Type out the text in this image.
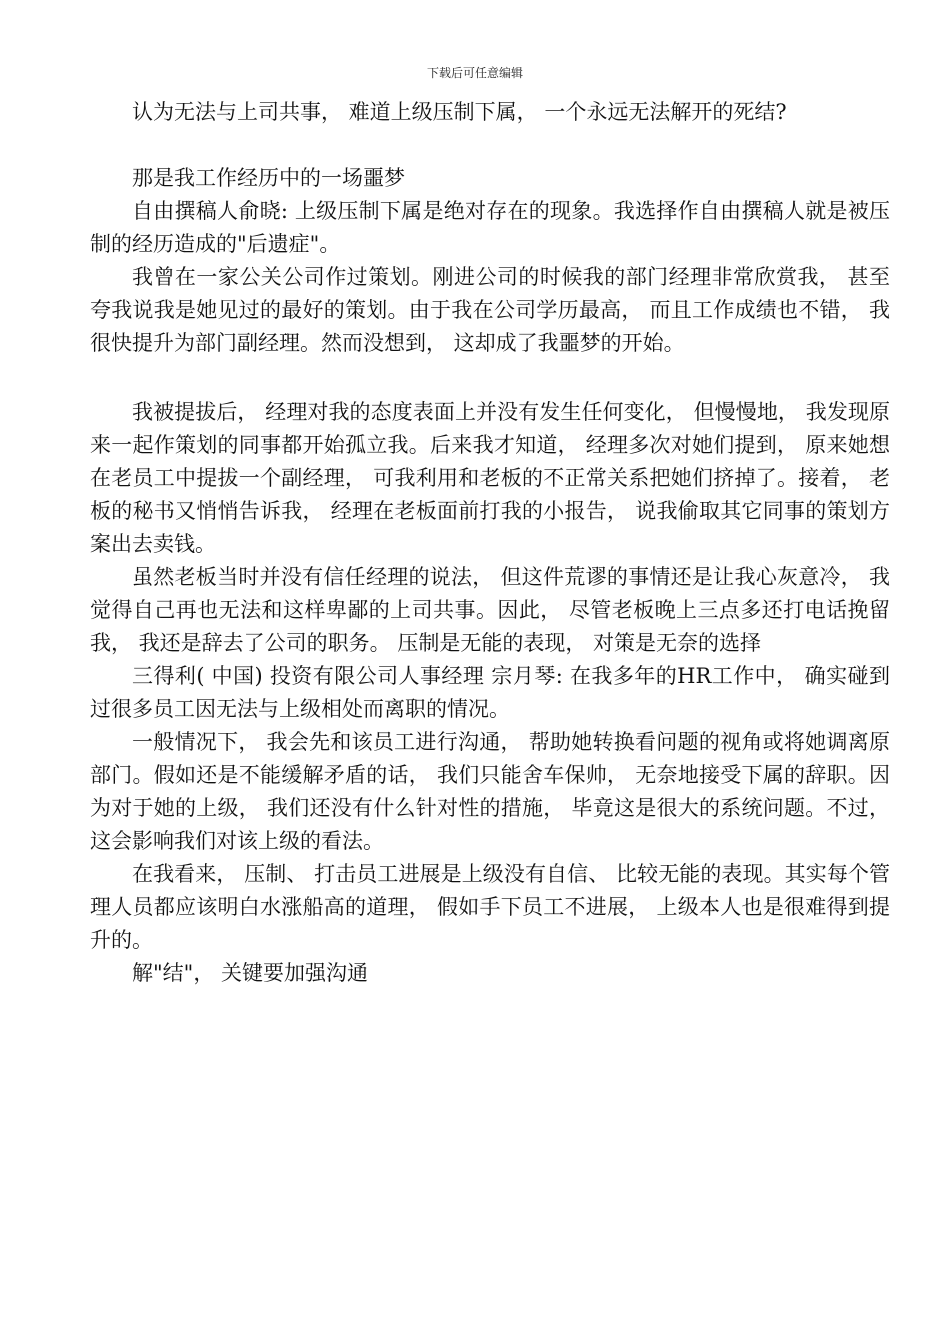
下载后可任意编辑

认为无法与上司共事， 难道上级压制下属， 一个永远无法解开的死结?

那是我工作经历中的一场噩梦

自由撰稿人俞晓: 上级压制下属是绝对存在的现象。我选择作自由撰稿人就是被压制的经历造成的"后遗症"。

我曾在一家公关公司作过策划。刚进公司的时候我的部门经理非常欣赏我， 甚至夸我说我是她见过的最好的策划。由于我在公司学历最高， 而且工作成绩也不错， 我很快提升为部门副经理。然而没想到， 这却成了我噩梦的开始。

我被提拔后， 经理对我的态度表面上并没有发生任何变化， 但慢慢地， 我发现原来一起作策划的同事都开始孤立我。后来我才知道， 经理多次对她们提到， 原来她想在老员工中提拔一个副经理， 可我利用和老板的不正常关系把她们挤掉了。接着， 老板的秘书又悄悄告诉我， 经理在老板面前打我的小报告， 说我偷取其它同事的策划方案出去卖钱。

虽然老板当时并没有信任经理的说法， 但这件荒谬的事情还是让我心灰意冷， 我觉得自己再也无法和这样卑鄙的上司共事。因此， 尽管老板晚上三点多还打电话挽留我， 我还是辞去了公司的职务。 压制是无能的表现， 对策是无奈的选择

三得利( 中国) 投资有限公司人事经理 宗月琴: 在我多年的HR工作中， 确实碰到过很多员工因无法与上级相处而离职的情况。

一般情况下， 我会先和该员工进行沟通， 帮助她转换看问题的视角或将她调离原部门。假如还是不能缓解矛盾的话， 我们只能舍车保帅， 无奈地接受下属的辞职。因为对于她的上级， 我们还没有什么针对性的措施， 毕竟这是很大的系统问题。不过， 这会影响我们对该上级的看法。

在我看来， 压制、 打击员工进展是上级没有自信、 比较无能的表现。其实每个管理人员都应该明白水涨船高的道理， 假如手下员工不进展， 上级本人也是很难得到提升的。

解"结"， 关键要加强沟通
